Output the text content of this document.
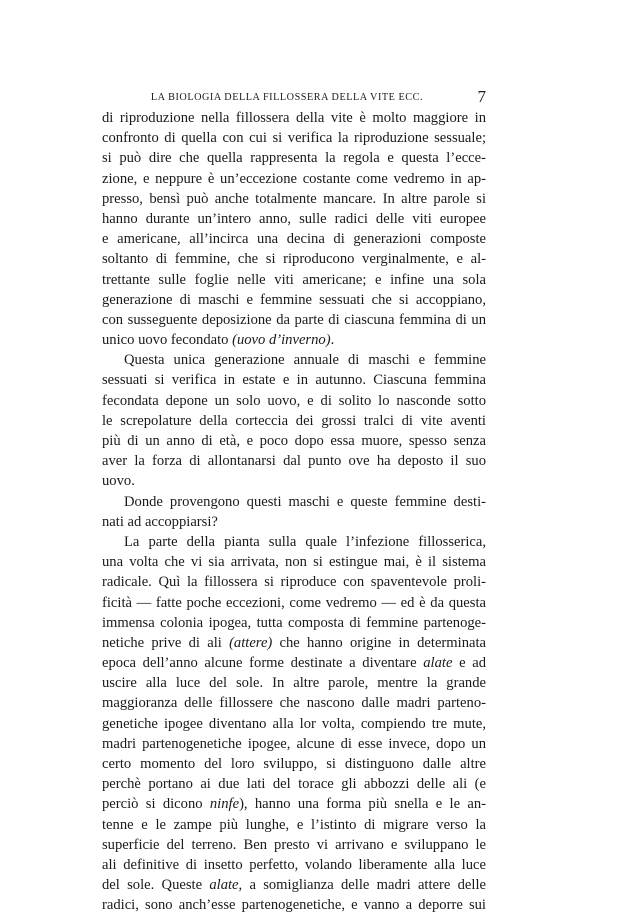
LA BIOLOGIA DELLA FILLOSSERA DELLA VITE ECC.	7
di riproduzione nella fillossera della vite è molto maggiore in
confronto di quella con cui si verifica la riproduzione sessuale;
si può dire che quella rappresenta la regola e questa l’ecce-
zione, e neppure è un’eccezione costante come vedremo in ap-
presso, bensì può anche totalmente mancare. In altre parole si
hanno durante un’intero anno, sulle radici delle viti europee
e americane, all’incirca una decina di generazioni composte
soltanto di femmine, che si riproducono verginalmente, e al-
trettante sulle foglie nelle viti americane; e infine una sola
generazione di maschi e femmine sessuati che si accoppiano,
con susseguente deposizione da parte di ciascuna femmina di un
unico uovo fecondato (uovo d’inverno).
Questa unica generazione annuale di maschi e femmine
sessuati si verifica in estate e in autunno. Ciascuna femmina
fecondata depone un solo uovo, e di solito lo nasconde sotto
le screpolature della corteccia dei grossi tralci di vite aventi
più di un anno di età, e poco dopo essa muore, spesso senza
aver la forza di allontanarsi dal punto ove ha deposto il suo
uovo.
Donde provengono questi maschi e queste femmine desti-
nati ad accoppiarsi?
La parte della pianta sulla quale l’infezione fillosserica,
una volta che vi sia arrivata, non si estingue mai, è il sistema
radicale. Quì la fillossera si riproduce con spaventevole proli-
ficità — fatte poche eccezioni, come vedremo — ed è da questa
immensa colonia ipogea, tutta composta di femmine partenoge-
netiche prive di ali (attere) che hanno origine in determinata
epoca dell’anno alcune forme destinate a diventare alate e ad
uscire alla luce del sole. In altre parole, mentre la grande
maggioranza delle fillossere che nascono dalle madri parteno-
genetiche ipogee diventano alla lor volta, compiendo tre mute,
madri partenogenetiche ipogee, alcune di esse invece, dopo un
certo momento del loro sviluppo, si distinguono dalle altre
perchè portano ai due lati del torace gli abbozzi delle ali (e
perciò si dicono ninfe), hanno una forma più snella e le an-
tenne e le zampe più lunghe, e l’istinto di migrare verso la
superficie del terreno. Ben presto vi arrivano e sviluppano le
ali definitive di insetto perfetto, volando liberamente alla luce
del sole. Queste alate, a somiglianza delle madri attere delle
radici, sono anch’esse partenogenetiche, e vanno a deporre sui
